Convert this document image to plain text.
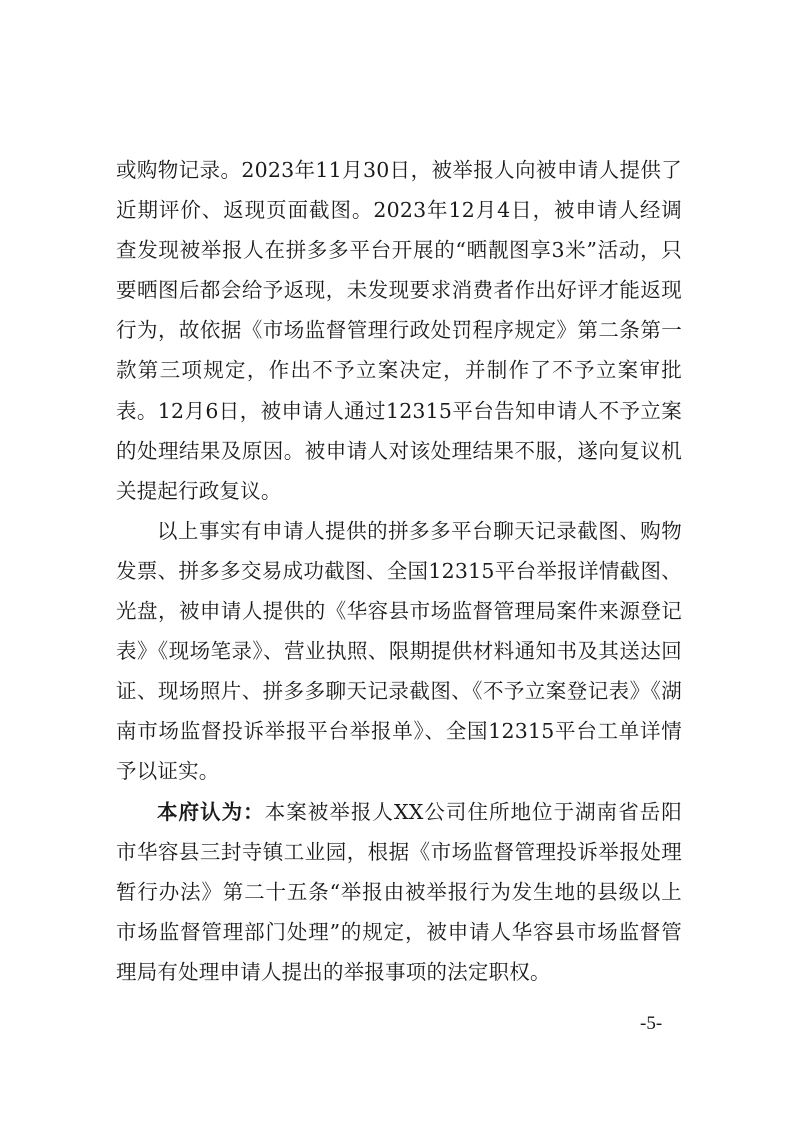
或购物记录。2023年11月30日，被举报人向被申请人提供了近期评价、返现页面截图。2023年12月4日，被申请人经调查发现被举报人在拼多多平台开展的“晒靓图享3米”活动，只要晒图后都会给予返现，未发现要求消费者作出好评才能返现行为，故依据《市场监督管理行政处罚程序规定》第二条第一款第三项规定，作出不予立案决定，并制作了不予立案审批表。12月6日，被申请人通过12315平台告知申请人不予立案的处理结果及原因。被申请人对该处理结果不服，遂向复议机关提起行政复议。

以上事实有申请人提供的拼多多平台聊天记录截图、购物发票、拼多多交易成功截图、全国12315平台举报详情截图、光盘，被申请人提供的《华容县市场监督管理局案件来源登记表》《现场笔录》、营业执照、限期提供材料通知书及其送达回证、现场照片、拼多多聊天记录截图、《不予立案登记表》《湖南市场监督投诉举报平台举报单》、全国12315平台工单详情予以证实。

本府认为：本案被举报人XX公司住所地位于湖南省岳阳市华容县三封寺镇工业园，根据《市场监督管理投诉举报处理暂行办法》第二十五条“举报由被举报行为发生地的县级以上市场监督管理部门处理”的规定，被申请人华容县市场监督管理局有处理申请人提出的举报事项的法定职权。

-5-
